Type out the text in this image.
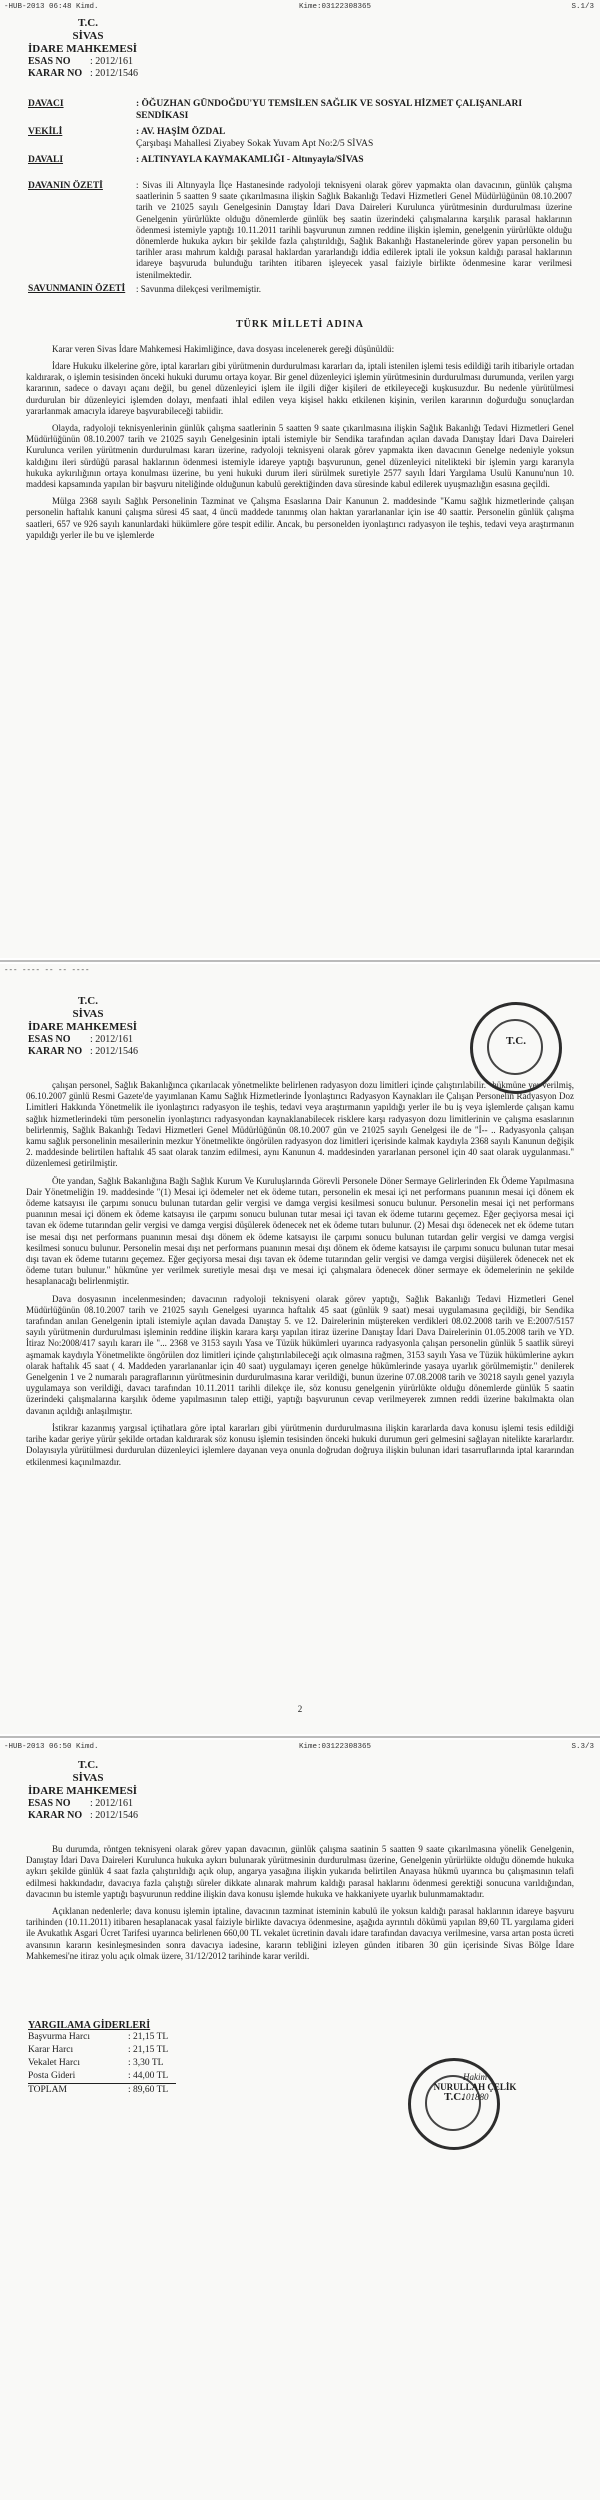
-HUB-2013 06:48 Kimd.	Kime:03122308365	S.1/3
T.C.
SİVAS
İDARE MAHKEMESİ
ESAS NO	: 2012/161
KARAR NO : 2012/1546
DAVACI	: ÖĞUZHAN GÜNDOĞDU'YU TEMSİLEN SAĞLIK VE SOSYAL HİZMET ÇALIŞANLARI SENDİKASI
VEKİLİ	: AV. HAŞİM ÖZDAL
Çarşıbaşı Mahallesi Ziyabey Sokak Yuvam Apt No:2/5 SİVAS
DAVALI	: ALTINYAYLA KAYMAKAMLIĞI - Altınyayla/SİVAS
DAVANIN ÖZETİ	: Sivas ili Altınyayla İlçe Hastanesinde radyoloji teknisyeni olarak görev yapmakta olan davacının, günlük çalışma saatlerinin 5 saatten 9 saate çıkarılmasına ilişkin Sağlık Bakanlığı Tedavi Hizmetleri Genel Müdürlüğünün 08.10.2007 tarih ve 21025 sayılı Genelgesinin Danıştay İdari Dava Daireleri Kurulunca yürütmesinin durdurulması üzerine Genelgenin yürürlükte olduğu dönemlerde günlük beş saatin üzerindeki çalışmalarına karşılık parasal haklarının ödenmesi istemiyle yaptığı 10.11.2011 tarihli başvurunun zımnen reddine ilişkin işlemin, genelgenin yürürlükte olduğu dönemlerde hukuka aykırı bir şekilde fazla çalıştırıldığı, Sağlık Bakanlığı Hastanelerinde görev yapan personelin bu tarihler arası mahrum kaldığı parasal haklardan yararlandığı iddia edilerek iptali ile yoksun kaldığı parasal haklarının idareye başvuruda bulunduğu tarihten itibaren işleyecek yasal faiziyle birlikte ödenmesine karar verilmesi istenilmektedir.
SAVUNMANIN ÖZETİ	: Savunma dilekçesi verilmemiştir.
TÜRK MİLLETİ ADINA

Karar veren Sivas İdare Mahkemesi Hakimliğince, dava dosyası incelenerek gereği düşünüldü:

İdare Hukuku ilkelerine göre, iptal kararları gibi yürütmenin durdurulması kararları da, iptali istenilen işlemi tesis edildiği tarih itibariyle ortadan kaldırarak, o işlemin tesisinden önceki hukuki durumu ortaya koyar. Bir genel düzenleyici işlemin yürütmesinin durdurulması durumunda, verilen yargı kararının, sadece o davayı açanı değil, bu genel düzenleyici işlem ile ilgili diğer kişileri de etkileyeceği kuşkusuzdur. Bu nedenle yürütülmesi durdurulan bir düzenleyici işlemden dolayı, menfaati ihlal edilen veya kişisel hakkı etkilenen kişinin, verilen kararının doğurduğu sonuçlardan yararlanmak amacıyla idareye başvurabileceği tabiidir.

Olayda, radyoloji teknisyenlerinin günlük çalışma saatlerinin 5 saatten 9 saate çıkarılmasına ilişkin Sağlık Bakanlığı Tedavi Hizmetleri Genel Müdürlüğünün 08.10.2007 tarih ve 21025 sayılı Genelgesinin iptali istemiyle bir Sendika tarafından açılan davada Danıştay İdari Dava Daireleri Kurulunca verilen yürütmenin durdurulması kararı üzerine, radyoloji teknisyeni olarak görev yapmakta iken davacının Genelge nedeniyle yoksun kaldığını ileri sürdüğü parasal haklarının ödenmesi istemiyle idareye yaptığı başvurunun, genel düzenleyici nitelikteki bir işlemin yargı kararıyla hukuka aykırılığının ortaya konulması üzerine, bu yeni hukuki durum ileri sürülmek suretiyle 2577 sayılı İdari Yargılama Usulü Kanunu'nun 10. maddesi kapsamında yapılan bir başvuru niteliğinde olduğunun kabulü gerektiğinden dava süresinde kabul edilerek uyuşmazlığın esasına geçildi.

Mülga 2368 sayılı Sağlık Personelinin Tazminat ve Çalışma Esaslarına Dair Kanunun 2. maddesinde "Kamu sağlık hizmetlerinde çalışan personelin haftalık kanuni çalışma süresi 45 saat, 4 üncü maddede tanınmış olan haktan yararlananlar için ise 40 saattir. Personelin günlük çalışma saatleri, 657 ve 926 sayılı kanunlardaki hükümlere göre tespit edilir. Ancak, bu personelden iyonlaştırıcı radyasyon ile teşhis, tedavi veya araştırmanın yapıldığı yerler ile bu ve işlemlerde

--- ---- -- -- ----
T.C.
SİVAS
İDARE MAHKEMESİ
ESAS NO	: 2012/161
KARAR NO : 2012/1546
T.C.

çalışan personel, Sağlık Bakanlığınca çıkarılacak yönetmelikte belirlenen radyasyon dozu limitleri içinde çalıştırılabilir." hükmüne yer verilmiş, 06.10.2007 günlü Resmi Gazete'de yayımlanan Kamu Sağlık Hizmetlerinde İyonlaştırıcı Radyasyon Kaynakları ile Çalışan Personelin Radyasyon Doz Limitleri Hakkında Yönetmelik ile iyonlaştırıcı radyasyon ile teşhis, tedavi veya araştırmanın yapıldığı yerler ile bu iş veya işlemlerde çalışan kamu sağlık hizmetlerindeki tüm personelin iyonlaştırıcı radyasyondan kaynaklanabilecek risklere karşı radyasyon dozu limitlerinin ve çalışma esaslarının belirlenmiş, Sağlık Bakanlığı Tedavi Hizmetleri Genel Müdürlüğünün 08.10.2007 gün ve 21025 sayılı Genelgesi ile de "İ-- .. Radyasyonla çalışan kamu sağlık personelinin mesailerinin mezkur Yönetmelikte öngörülen radyasyon doz limitleri içerisinde kalmak kaydıyla 2368 sayılı Kanunun değişik 2. maddesinde belirtilen haftalık 45 saat olarak tanzim edilmesi, aynı Kanunun 4. maddesinden yararlanan personel için 40 saat olarak uygulanması." düzenlemesi getirilmiştir.

Öte yandan, Sağlık Bakanlığına Bağlı Sağlık Kurum Ve Kuruluşlarında Görevli Personele Döner Sermaye Gelirlerinden Ek Ödeme Yapılmasına Dair Yönetmeliğin 19. maddesinde "(1) Mesai içi ödemeler net ek ödeme tutarı, personelin ek mesai içi net performans puanının mesai içi dönem ek ödeme katsayısı ile çarpımı sonucu bulunan tutardan gelir vergisi ve damga vergisi kesilmesi sonucu bulunur. Personelin mesai içi net performans puanının mesai içi dönem ek ödeme katsayısı ile çarpımı sonucu bulunan tutar mesai içi tavan ek ödeme tutarını geçemez. Eğer geçiyorsa mesai içi tavan ek ödeme tutarından gelir vergisi ve damga vergisi düşülerek ödenecek net ek ödeme tutarı bulunur. (2) Mesai dışı ödenecek net ek ödeme tutarı ise mesai dışı net performans puanının mesai dışı dönem ek ödeme katsayısı ile çarpımı sonucu bulunan tutardan gelir vergisi ve damga vergisi kesilmesi sonucu bulunur. Personelin mesai dışı net performans puanının mesai dışı dönem ek ödeme katsayısı ile çarpımı sonucu bulunan tutar mesai dışı tavan ek ödeme tutarını geçemez. Eğer geçiyorsa mesai dışı tavan ek ödeme tutarından gelir vergisi ve damga vergisi düşülerek ödenecek net ek ödeme tutarı bulunur." hükmüne yer verilmek suretiyle mesai dışı ve mesai içi çalışmalara ödenecek döner sermaye ek ödemelerinin ne şekilde hesaplanacağı belirlenmiştir.

Dava dosyasının incelenmesinden; davacının radyoloji teknisyeni olarak görev yaptığı, Sağlık Bakanlığı Tedavi Hizmetleri Genel Müdürlüğünün 08.10.2007 tarih ve 21025 sayılı Genelgesi uyarınca haftalık 45 saat (günlük 9 saat) mesai uygulamasına geçildiği, bir Sendika tarafından anılan Genelgenin iptali istemiyle açılan davada Danıştay 5. ve 12. Dairelerinin müştereken verdikleri 08.02.2008 tarih ve E:2007/5157 sayılı yürütmenin durdurulması işleminin reddine ilişkin karara karşı yapılan itiraz üzerine Danıştay İdari Dava Dairelerinin 01.05.2008 tarih ve YD. İtiraz No:2008/417 sayılı kararı ile "... 2368 ve 3153 sayılı Yasa ve Tüzük hükümleri uyarınca radyasyonla çalışan personelin günlük 5 saatlik süreyi aşmamak kaydıyla Yönetmelikte öngörülen doz limitleri içinde çalıştırılabileceği açık olmasına rağmen, 3153 sayılı Yasa ve Tüzük hükümlerine aykırı olarak haftalık 45 saat ( 4. Maddeden yararlananlar için 40 saat) uygulamayı içeren genelge hükümlerinde yasaya uyarlık görülmemiştir." denilerek Genelgenin 1 ve 2 numaralı paragraflarının yürütmesinin durdurulmasına karar verildiği, bunun üzerine 07.08.2008 tarih ve 30218 sayılı genel yazıyla uygulamaya son verildiği, davacı tarafından 10.11.2011 tarihli dilekçe ile, söz konusu genelgenin yürürlükte olduğu dönemlerde günlük 5 saatin üzerindeki çalışmalarına karşılık ödeme yapılmasının talep ettiği, yaptığı başvurunun cevap verilmeyerek zımnen reddi üzerine bakılmakta olan davanın açıldığı anlaşılmıştır.

İstikrar kazanmış yargısal içtihatlara göre iptal kararları gibi yürütmenin durdurulmasına ilişkin kararlarda dava konusu işlemi tesis edildiği tarihe kadar geriye yürür şekilde ortadan kaldırarak söz konusu işlemin tesisinden önceki hukuki durumun geri gelmesini sağlayan nitelikte kararlardır. Dolayısıyla yürütülmesi durdurulan düzenleyici işlemlere dayanan veya onunla doğrudan doğruya ilişkin bulunan idari tasarruflarında iptal kararından etkilenmesi kaçınılmazdır.

2
-HUB-2013 06:50 Kimd.	Kime:03122308365	S.3/3
T.C.
SİVAS
İDARE MAHKEMESİ
ESAS NO	: 2012/161
KARAR NO : 2012/1546

Bu durumda, röntgen teknisyeni olarak görev yapan davacının, günlük çalışma saatinin 5 saatten 9 saate çıkarılmasına yönelik Genelgenin, Danıştay İdari Dava Daireleri Kurulunca hukuka aykırı bulunarak yürütmesinin durdurulması üzerine, Genelgenin yürürlükte olduğu dönemde hukuka aykırı şekilde günlük 4 saat fazla çalıştırıldığı açık olup, angarya yasağına ilişkin yukarıda belirtilen Anayasa hükmü uyarınca bu çalışmasının telafi edilmesi hakkındadır, davacıya fazla çalıştığı süreler dikkate alınarak mahrum kaldığı parasal haklarını ödenmesi gerektiği sonucuna varıldığından, davacının bu istemle yaptığı başvurunun reddine ilişkin dava konusu işlemde hukuka ve hakkaniyete uyarlık bulunmamaktadır.

Açıklanan nedenlerle; dava konusu işlemin iptaline, davacının tazminat isteminin kabulü ile yoksun kaldığı parasal haklarının idareye başvuru tarihinden (10.11.2011) itibaren hesaplanacak yasal faiziyle birlikte davacıya ödenmesine, aşağıda ayrıntılı dökümü yapılan 89,60 TL yargılama gideri ile Avukatlık Asgari Ücret Tarifesi uyarınca belirlenen 660,00 TL vekalet ücretinin davalı idare tarafından davacıya verilmesine, varsa artan posta ücreti avansının kararın kesinleşmesinden sonra davacıya iadesine, kararın tebliğini izleyen günden itibaren 30 gün içerisinde Sivas Bölge İdare Mahkemesi'ne itiraz yolu açık olmak üzere, 31/12/2012 tarihinde karar verildi.

T.C.
Hakim
NURULLAH ÇELİK
101880
YARGILAMA GİDERLERİ
Başvurma Harcı	: 21,15 TL
Karar Harcı	: 21,15 TL
Vekalet Harcı	: 3,30 TL
Posta Gideri	: 44,00 TL
TOPLAM	: 89,60 TL
